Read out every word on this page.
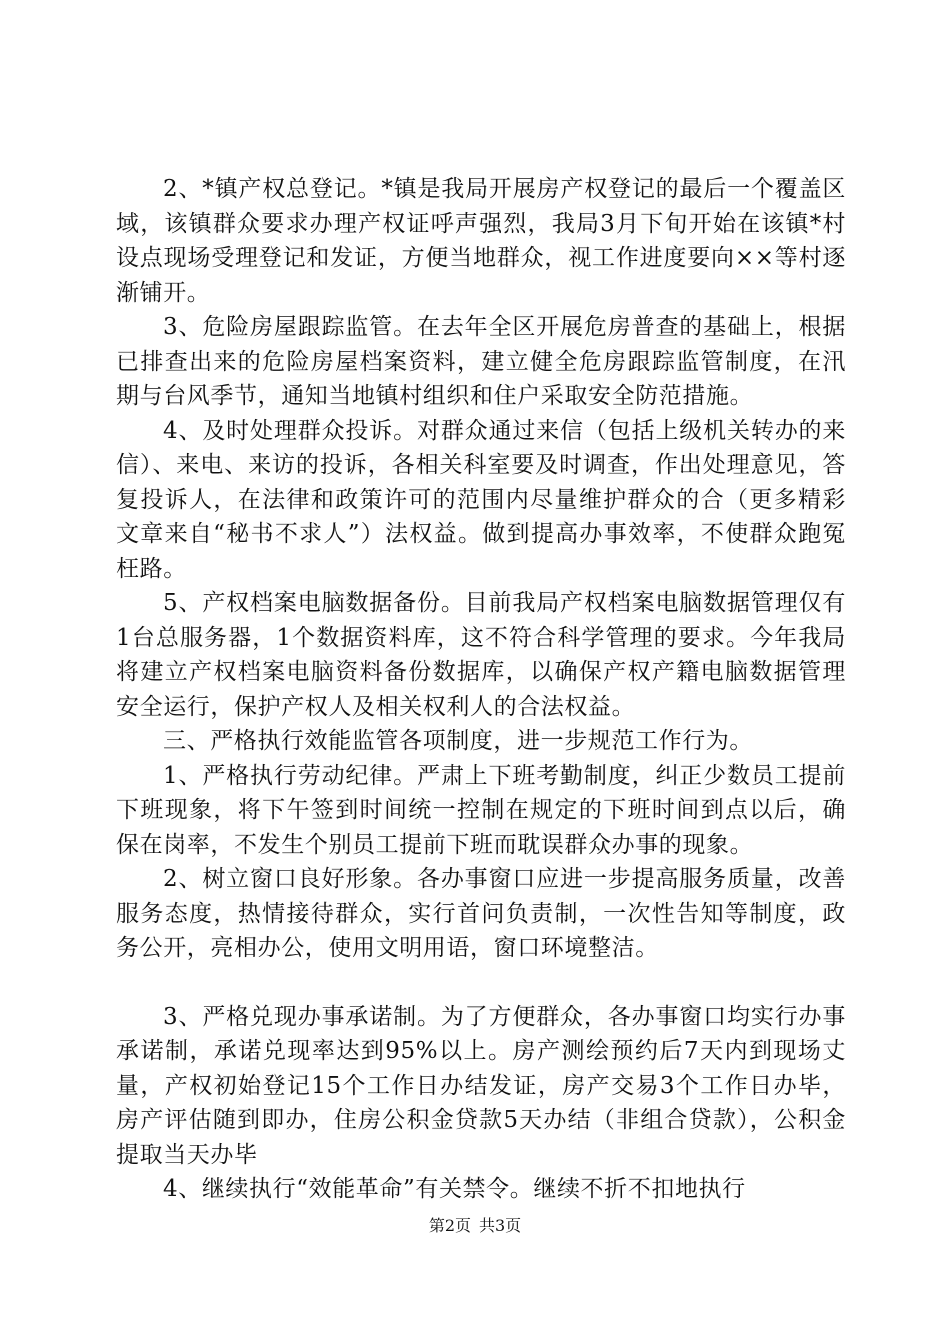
2、*镇产权总登记。*镇是我局开展房产权登记的最后一个覆盖区域，该镇群众要求办理产权证呼声强烈，我局3月下旬开始在该镇*村设点现场受理登记和发证，方便当地群众，视工作进度要向××等村逐渐铺开。

3、危险房屋跟踪监管。在去年全区开展危房普查的基础上，根据已排查出来的危险房屋档案资料，建立健全危房跟踪监管制度，在汛期与台风季节，通知当地镇村组织和住户采取安全防范措施。

4、及时处理群众投诉。对群众通过来信（包括上级机关转办的来信）、来电、来访的投诉，各相关科室要及时调查，作出处理意见，答复投诉人，在法律和政策许可的范围内尽量维护群众的合（更多精彩文章来自“秘书不求人”）法权益。做到提高办事效率，不使群众跑冤枉路。

5、产权档案电脑数据备份。目前我局产权档案电脑数据管理仅有1台总服务器，1个数据资料库，这不符合科学管理的要求。今年我局将建立产权档案电脑资料备份数据库，以确保产权产籍电脑数据管理安全运行，保护产权人及相关权利人的合法权益。

三、严格执行效能监管各项制度，进一步规范工作行为。

1、严格执行劳动纪律。严肃上下班考勤制度，纠正少数员工提前下班现象，将下午签到时间统一控制在规定的下班时间到点以后，确保在岗率，不发生个别员工提前下班而耽误群众办事的现象。

2、树立窗口良好形象。各办事窗口应进一步提高服务质量，改善服务态度，热情接待群众，实行首问负责制，一次性告知等制度，政务公开，亮相办公，使用文明用语，窗口环境整洁。

3、严格兑现办事承诺制。为了方便群众，各办事窗口均实行办事承诺制，承诺兑现率达到95%以上。房产测绘预约后7天内到现场丈量，产权初始登记15个工作日办结发证，房产交易3个工作日办毕，房产评估随到即办，住房公积金贷款5天办结（非组合贷款），公积金提取当天办毕

4、继续执行“效能革命”有关禁令。继续不折不扣地执行

第2页 共3页
